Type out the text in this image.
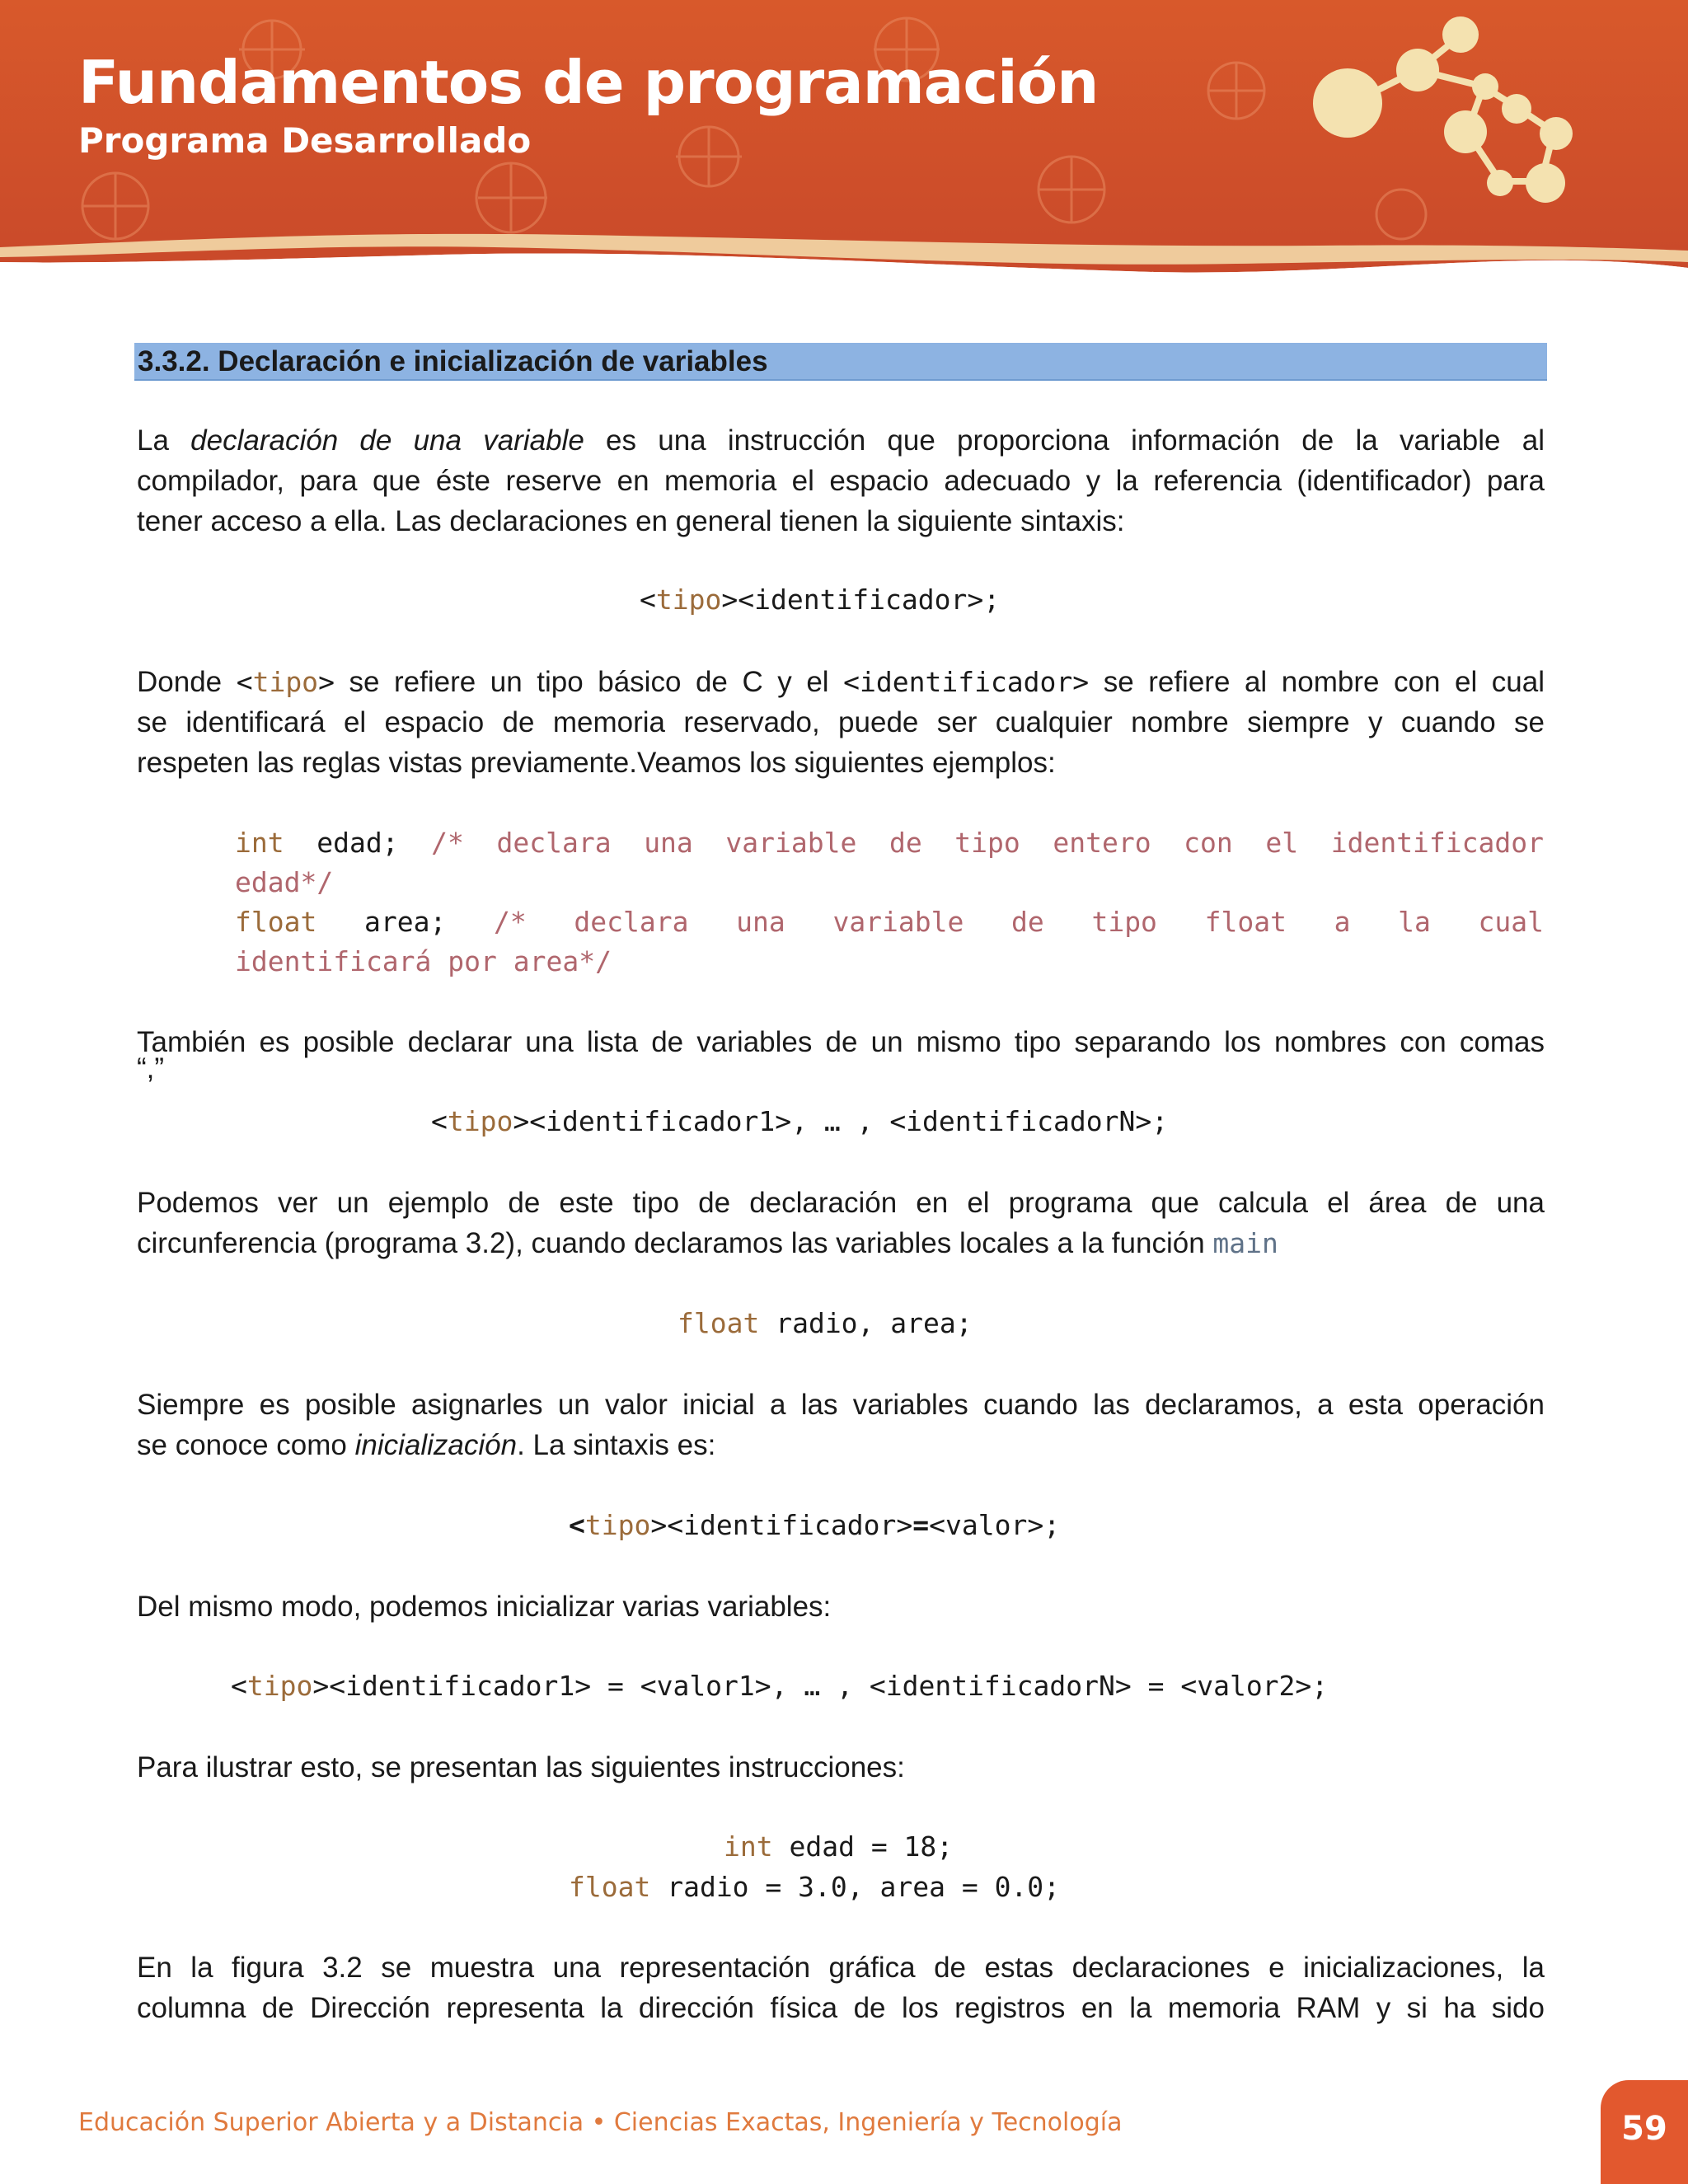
Fundamentos de programación
Programa Desarrollado
3.3.2. Declaración e inicialización de variables
La declaración de una variable es una instrucción que proporciona información de la variable al
compilador, para que éste reserve en memoria el espacio adecuado y la referencia (identificador) para
tener acceso a ella. Las declaraciones en general tienen la siguiente sintaxis:
<tipo><identificador>;
Donde <tipo> se refiere un tipo básico de C y el <identificador> se refiere al nombre con el cual
se identificará el espacio de memoria reservado, puede ser cualquier nombre siempre y cuando se
respeten las reglas vistas previamente.Veamos los siguientes ejemplos:
int edad; /* declara una variable de tipo entero con el identificador
edad*/
float area; /* declara una variable de tipo float a la cual
identificará por area*/
También es posible declarar una lista de variables de un mismo tipo separando los nombres con comas
“,”
<tipo><identificador1>, … , <identificadorN>;
Podemos ver un ejemplo de este tipo de declaración en el programa que calcula el área de una
circunferencia (programa 3.2), cuando declaramos las variables locales a la función main
float radio, area;
Siempre es posible asignarles un valor inicial a las variables cuando las declaramos, a esta operación
se conoce como inicialización. La sintaxis es:
<tipo><identificador>=<valor>;
Del mismo modo, podemos inicializar varias variables:
<tipo><identificador1> = <valor1>, … , <identificadorN> = <valor2>;
Para ilustrar esto, se presentan las siguientes instrucciones:
int edad = 18;
float radio = 3.0, area = 0.0;
En la figura 3.2 se muestra una representación gráfica de estas declaraciones e inicializaciones, la
columna de Dirección representa la dirección física de los registros en la memoria RAM y si ha sido
Educación Superior Abierta y a Distancia • Ciencias Exactas, Ingeniería y Tecnología	59
